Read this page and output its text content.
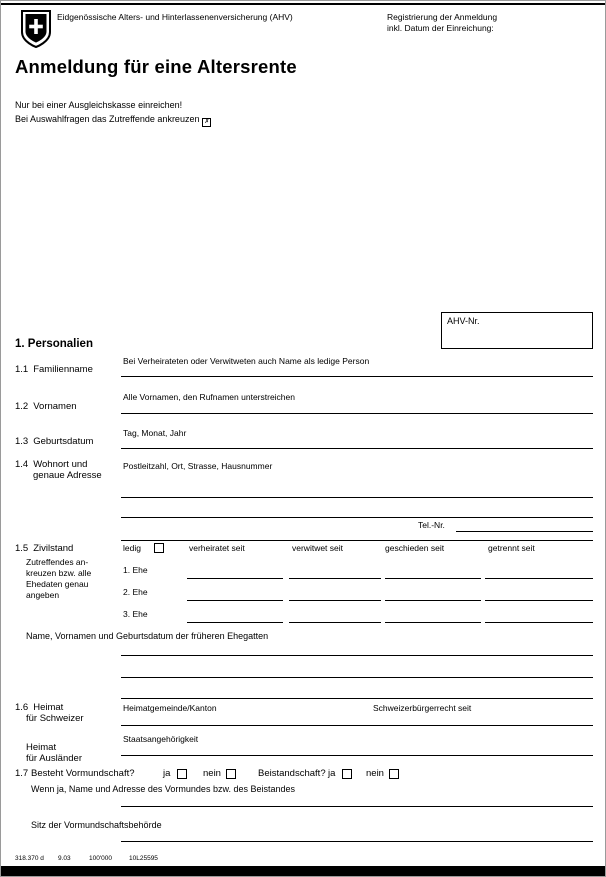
Eidgenössische Alters- und Hinterlassenenversicherung (AHV)	Registrierung der Anmeldung
inkl. Datum der Einreichung:
Anmeldung für eine Altersrente
Nur bei einer Ausgleichskasse einreichen!
Bei Auswahlfragen das Zutreffende ankreuzen ✗
AHV-Nr.
1. Personalien
Bei Verheirateten oder Verwitweten auch Name als ledige Person
1.1 Familienname
Alle Vornamen, den Rufnamen unterstreichen
1.2 Vornamen
Tag, Monat, Jahr
1.3 Geburtsdatum
1.4 Wohnort und
genaue Adresse
Postleitzahl, Ort, Strasse, Hausnummer
Tel.-Nr.
1.5 Zivilstand	ledig	verheiratet seit	verwitwet seit	geschieden seit	getrennt seit
Zutreffendes an-
kreuzen bzw. alle
Ehedaten genau
angeben
1. Ehe
2. Ehe
3. Ehe
Name, Vornamen und Geburtsdatum der früheren Ehegatten
1.6 Heimat
für Schweizer
Heimatgemeinde/Kanton	Schweizerbürgerrecht seit
Staatsangehörigkeit
Heimat
für Ausländer
1.7 Besteht Vormundschaft?	ja	nein	Beistandschaft? ja	nein
Wenn ja, Name und Adresse des Vormundes bzw. des Beistandes
Sitz der Vormundschaftsbehörde
318.370 d 9.03	100'000	10L25595
